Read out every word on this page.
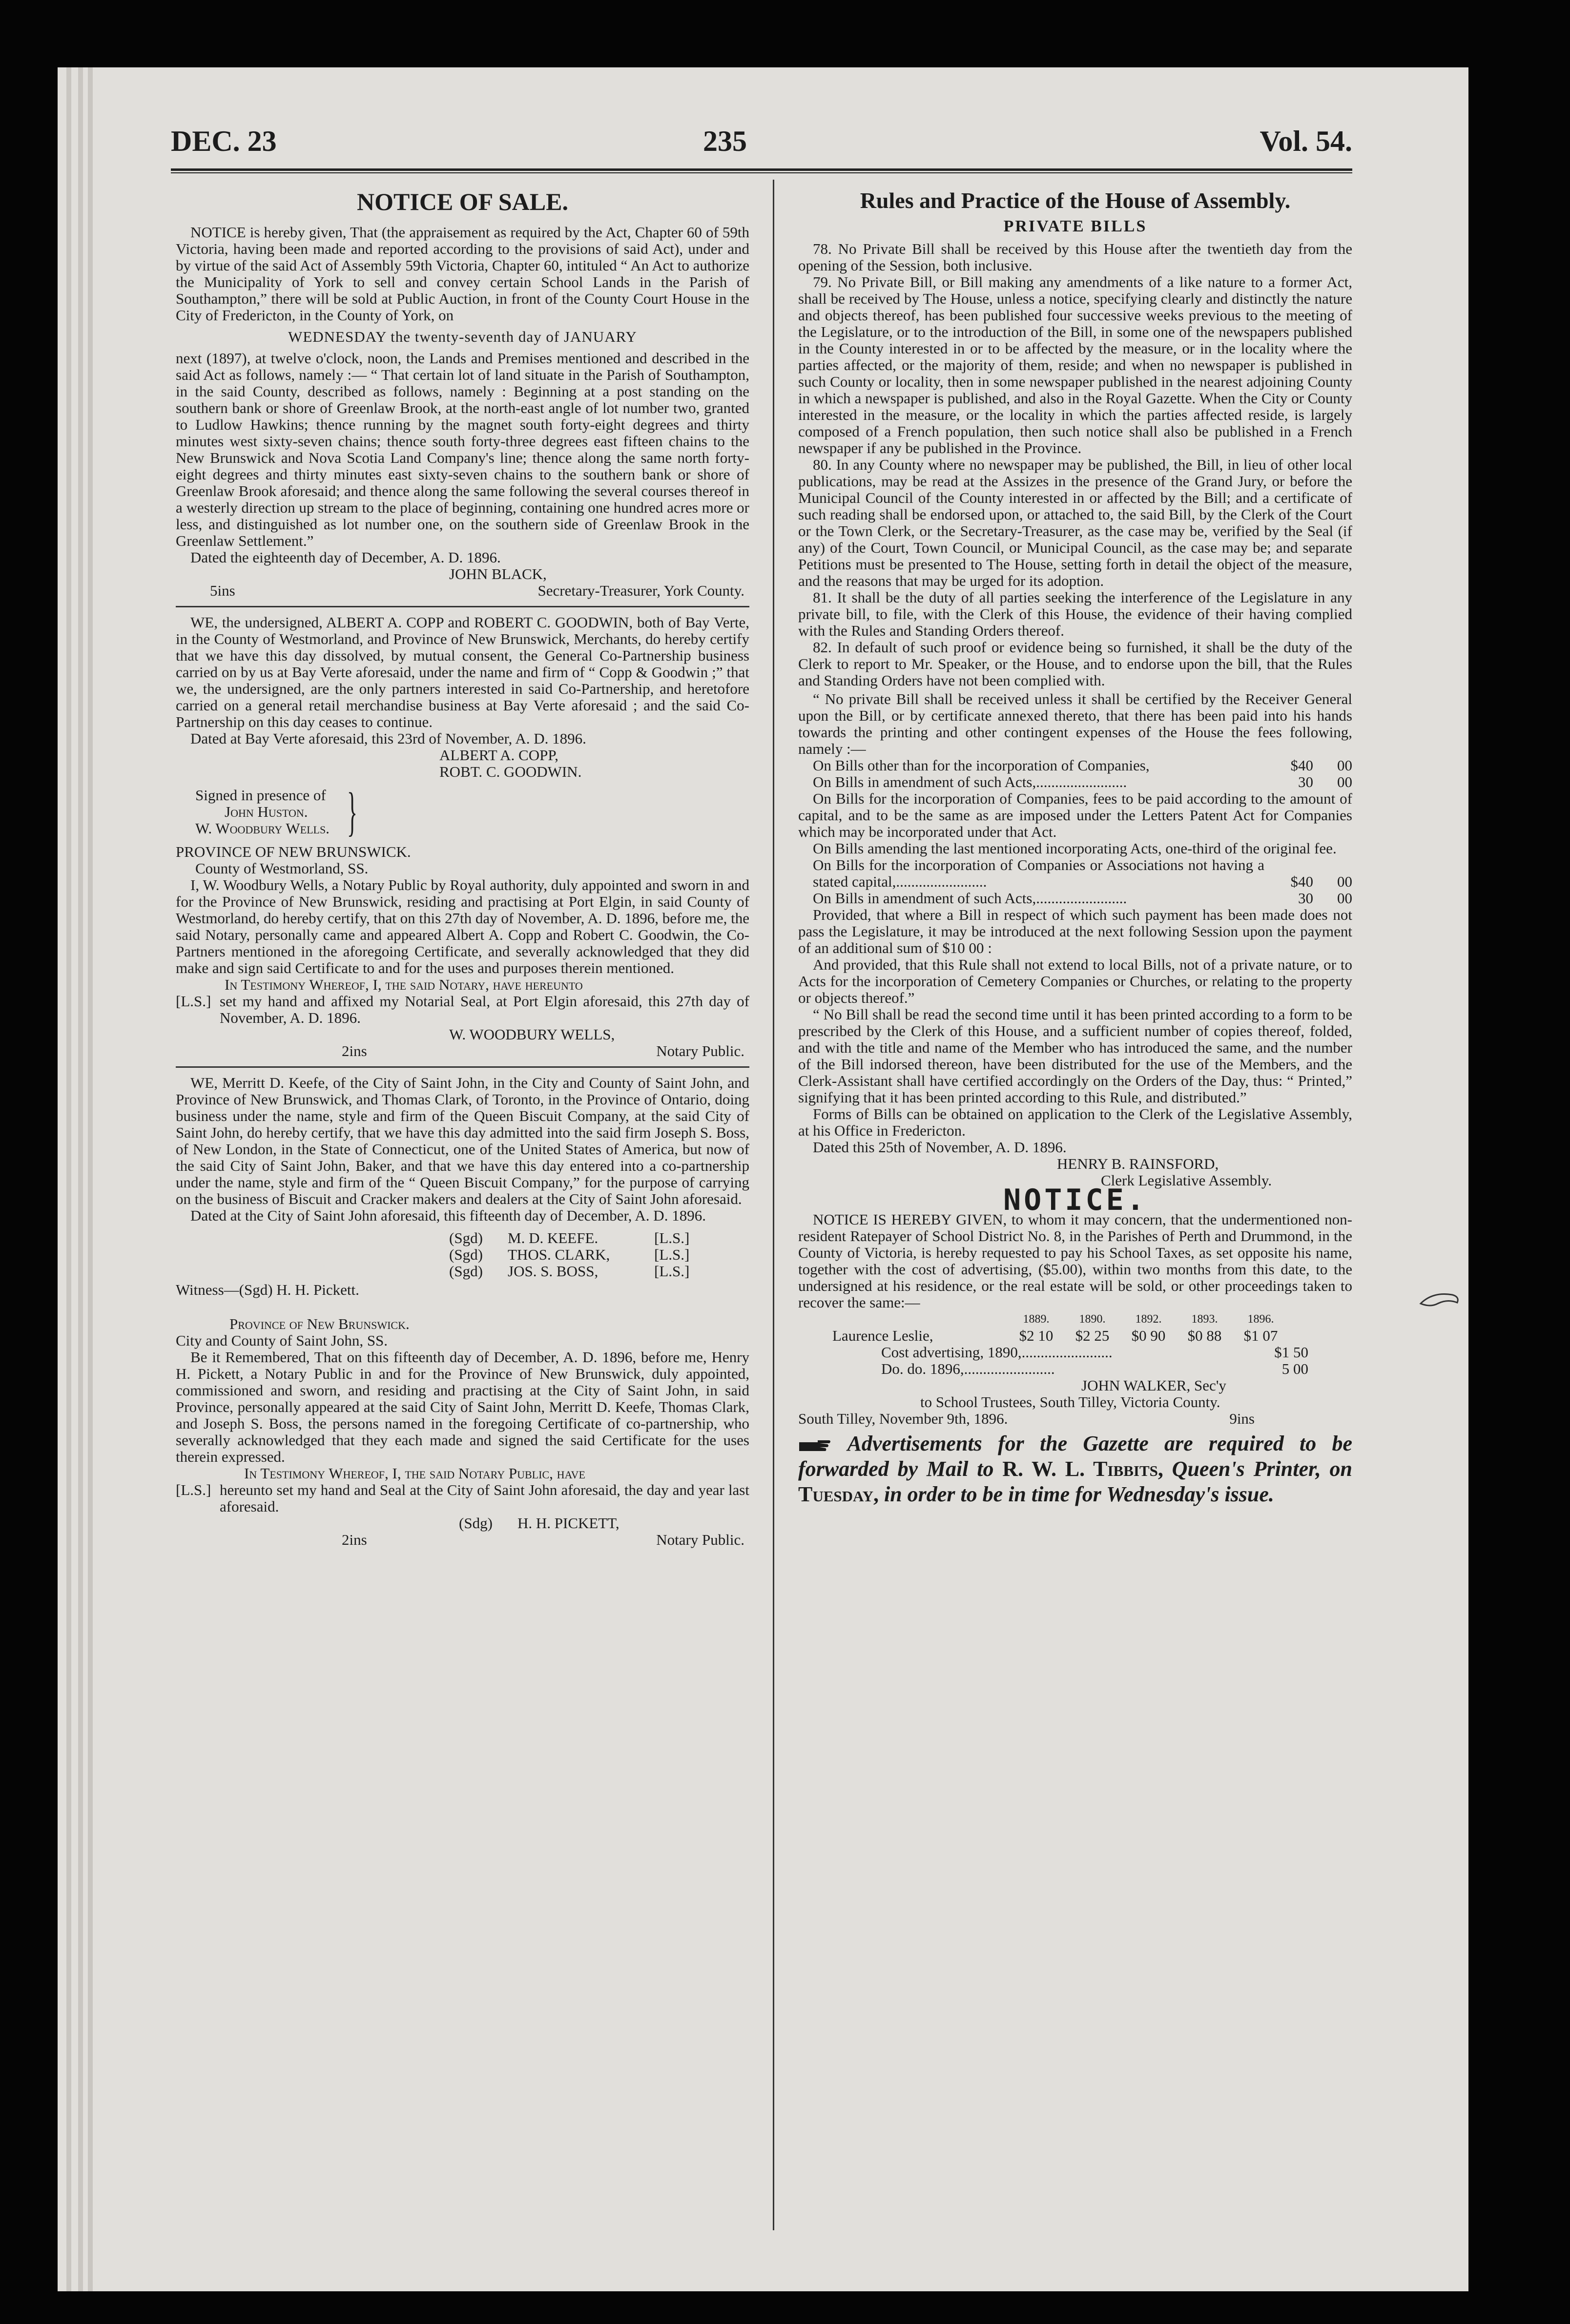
DEC. 23	235	Vol. 54.
NOTICE OF SALE.

NOTICE is hereby given, That (the appraisement as required by the Act, Chapter 60 of 59th Victoria, having been made and reported according to the provisions of said Act), under and by virtue of the said Act of Assembly 59th Victoria, Chapter 60, intituled “ An Act to authorize the Municipality of York to sell and convey certain School Lands in the Parish of Southampton,” there will be sold at Public Auction, in front of the County Court House in the City of Fredericton, in the County of York, on

WEDNESDAY the twenty-seventh day of JANUARY

next (1897), at twelve o'clock, noon, the Lands and Premises mentioned and described in the said Act as follows, namely :— “ That certain lot of land situate in the Parish of Southampton, in the said County, described as follows, namely : Beginning at a post standing on the southern bank or shore of Greenlaw Brook, at the north-east angle of lot number two, granted to Ludlow Hawkins; thence running by the magnet south forty-eight degrees and thirty minutes west sixty-seven chains; thence south forty-three degrees east fifteen chains to the New Brunswick and Nova Scotia Land Company's line; thence along the same north forty-eight degrees and thirty minutes east sixty-seven chains to the southern bank or shore of Greenlaw Brook aforesaid; and thence along the same following the several courses thereof in a westerly direction up stream to the place of beginning, containing one hundred acres more or less, and distinguished as lot number one, on the southern side of Greenlaw Brook in the Greenlaw Settlement.”

Dated the eighteenth day of December, A. D. 1896.

JOHN BLACK,

5ins	Secretary-Treasurer, York County.

WE, the undersigned, ALBERT A. COPP and ROBERT C. GOODWIN, both of Bay Verte, in the County of Westmorland, and Province of New Brunswick, Merchants, do hereby certify that we have this day dissolved, by mutual consent, the General Co-Partnership business carried on by us at Bay Verte aforesaid, under the name and firm of “ Copp & Goodwin ;” that we, the undersigned, are the only partners interested in said Co-Partnership, and heretofore carried on a general retail merchandise business at Bay Verte aforesaid ; and the said Co-Partnership on this day ceases to continue.

Dated at Bay Verte aforesaid, this 23rd of November, A. D. 1896.

ALBERT A. COPP,
ROBT. C. GOODWIN.
Signed in presence of
John Huston.
W. Woodbury Wells. }

PROVINCE OF NEW BRUNSWICK.

County of Westmorland, SS.

I, W. Woodbury Wells, a Notary Public by Royal authority, duly appointed and sworn in and for the Province of New Brunswick, residing and practising at Port Elgin, in said County of Westmorland, do hereby certify, that on this 27th day of November, A. D. 1896, before me, the said Notary, personally came and appeared Albert A. Copp and Robert C. Goodwin, the Co-Partners mentioned in the aforegoing Certificate, and severally acknowledged that they did make and sign said Certificate to and for the uses and purposes therein mentioned.

In Testimony Whereof, I, the said Notary, have hereunto

[L.S.] set my hand and affixed my Notarial Seal, at Port Elgin aforesaid, this 27th day of November, A. D. 1896.

W. WOODBURY WELLS,

2ins	Notary Public.

WE, Merritt D. Keefe, of the City of Saint John, in the City and County of Saint John, and Province of New Brunswick, and Thomas Clark, of Toronto, in the Province of Ontario, doing business under the name, style and firm of the Queen Biscuit Company, at the said City of Saint John, do hereby certify, that we have this day admitted into the said firm Joseph S. Boss, of New London, in the State of Connecticut, one of the United States of America, but now of the said City of Saint John, Baker, and that we have this day entered into a co-partnership under the name, style and firm of the “ Queen Biscuit Company,” for the purpose of carrying on the business of Biscuit and Cracker makers and dealers at the City of Saint John aforesaid.

Dated at the City of Saint John aforesaid, this fifteenth day of December, A. D. 1896.

(Sgd)	M. D. KEEFE.	[L.S.]
(Sgd)	THOS. CLARK,	[L.S.]
(Sgd)	JOS. S. BOSS,	[L.S.]

Witness—(Sgd) H. H. Pickett.

Province of New Brunswick.

City and County of Saint John, SS.

Be it Remembered, That on this fifteenth day of December, A. D. 1896, before me, Henry H. Pickett, a Notary Public in and for the Province of New Brunswick, duly appointed, commissioned and sworn, and residing and practising at the City of Saint John, in said Province, personally appeared at the said City of Saint John, Merritt D. Keefe, Thomas Clark, and Joseph S. Boss, the persons named in the foregoing Certificate of co-partnership, who severally acknowledged that they each made and signed the said Certificate for the uses therein expressed.

In Testimony Whereof, I, the said Notary Public, have

[L.S.] hereunto set my hand and Seal at the City of Saint John aforesaid, the day and year last aforesaid.
(Sdg)	H. H. PICKETT,
2ins	Notary Public.
Rules and Practice of the House of Assembly.
PRIVATE BILLS

78. No Private Bill shall be received by this House after the twentieth day from the opening of the Session, both inclusive.

79. No Private Bill, or Bill making any amendments of a like nature to a former Act, shall be received by The House, unless a notice, specifying clearly and distinctly the nature and objects thereof, has been published four successive weeks previous to the meeting of the Legislature, or to the introduction of the Bill, in some one of the newspapers published in the County interested in or to be affected by the measure, or in the locality where the parties affected, or the majority of them, reside; and when no newspaper is published in such County or locality, then in some newspaper published in the nearest adjoining County in which a newspaper is published, and also in the Royal Gazette. When the City or County interested in the measure, or the locality in which the parties affected reside, is largely composed of a French population, then such notice shall also be published in a French newspaper if any be published in the Province.

80. In any County where no newspaper may be published, the Bill, in lieu of other local publications, may be read at the Assizes in the presence of the Grand Jury, or before the Municipal Council of the County interested in or affected by the Bill; and a certificate of such reading shall be endorsed upon, or attached to, the said Bill, by the Clerk of the Court or the Town Clerk, or the Secretary-Treasurer, as the case may be, verified by the Seal (if any) of the Court, Town Council, or Municipal Council, as the case may be; and separate Petitions must be presented to The House, setting forth in detail the object of the measure, and the reasons that may be urged for its adoption.

81. It shall be the duty of all parties seeking the interference of the Legislature in any private bill, to file, with the Clerk of this House, the evidence of their having complied with the Rules and Standing Orders thereof.

82. In default of such proof or evidence being so furnished, it shall be the duty of the Clerk to report to Mr. Speaker, or the House, and to endorse upon the bill, that the Rules and Standing Orders have not been complied with.

“ No private Bill shall be received unless it shall be certified by the Receiver General upon the Bill, or by certificate annexed thereto, that there has been paid into his hands towards the printing and other contingent expenses of the House the fees following, namely :—

On Bills other than for the incorporation of Companies,	$40	00
On Bills in amendment of such Acts,........................	30	00

On Bills for the incorporation of Companies, fees to be paid according to the amount of capital, and to be the same as are imposed under the Letters Patent Act for Companies which may be incorporated under that Act.

On Bills amending the last mentioned incorporating Acts, one-third of the original fee.

On Bills for the incorporation of Companies or Associations not having a stated capital,........................	$40	00
On Bills in amendment of such Acts,........................	30	00

Provided, that where a Bill in respect of which such payment has been made does not pass the Legislature, it may be introduced at the next following Session upon the payment of an additional sum of $10 00 :

And provided, that this Rule shall not extend to local Bills, not of a private nature, or to Acts for the incorporation of Cemetery Companies or Churches, or relating to the property or objects thereof.”

“ No Bill shall be read the second time until it has been printed according to a form to be prescribed by the Clerk of this House, and a sufficient number of copies thereof, folded, and with the title and name of the Member who has introduced the same, and the number of the Bill indorsed thereon, have been distributed for the use of the Members, and the Clerk-Assistant shall have certified accordingly on the Orders of the Day, thus: “ Printed,” signifying that it has been printed according to this Rule, and distributed.”

Forms of Bills can be obtained on application to the Clerk of the Legislative Assembly, at his Office in Fredericton.

Dated this 25th of November, A. D. 1896.

HENRY B. RAINSFORD,

Clerk Legislative Assembly.

NOTICE.

NOTICE IS HEREBY GIVEN, to whom it may concern, that the undermentioned non-resident Ratepayer of School District No. 8, in the Parishes of Perth and Drummond, in the County of Victoria, is hereby requested to pay his School Taxes, as set opposite his name, together with the cost of advertising, ($5.00), within two months from this date, to the undersigned at his residence, or the real estate will be sold, or other proceedings taken to recover the same:—

1889.	1890.	1892.	1893.	1896.
Laurence Leslie,	$2 10	$2 25	$0 90	$0 88	$1 07
Cost advertising, 1890,........................	$1 50
Do. do. 1896,........................	5 00

JOHN WALKER, Sec'y

to School Trustees, South Tilley, Victoria County.

South Tilley, November 9th, 1896.	9ins
Advertisements for the Gazette are required to be forwarded by Mail to R. W. L. Tibbits, Queen's Printer, on Tuesday, in order to be in time for Wednesday's issue.
